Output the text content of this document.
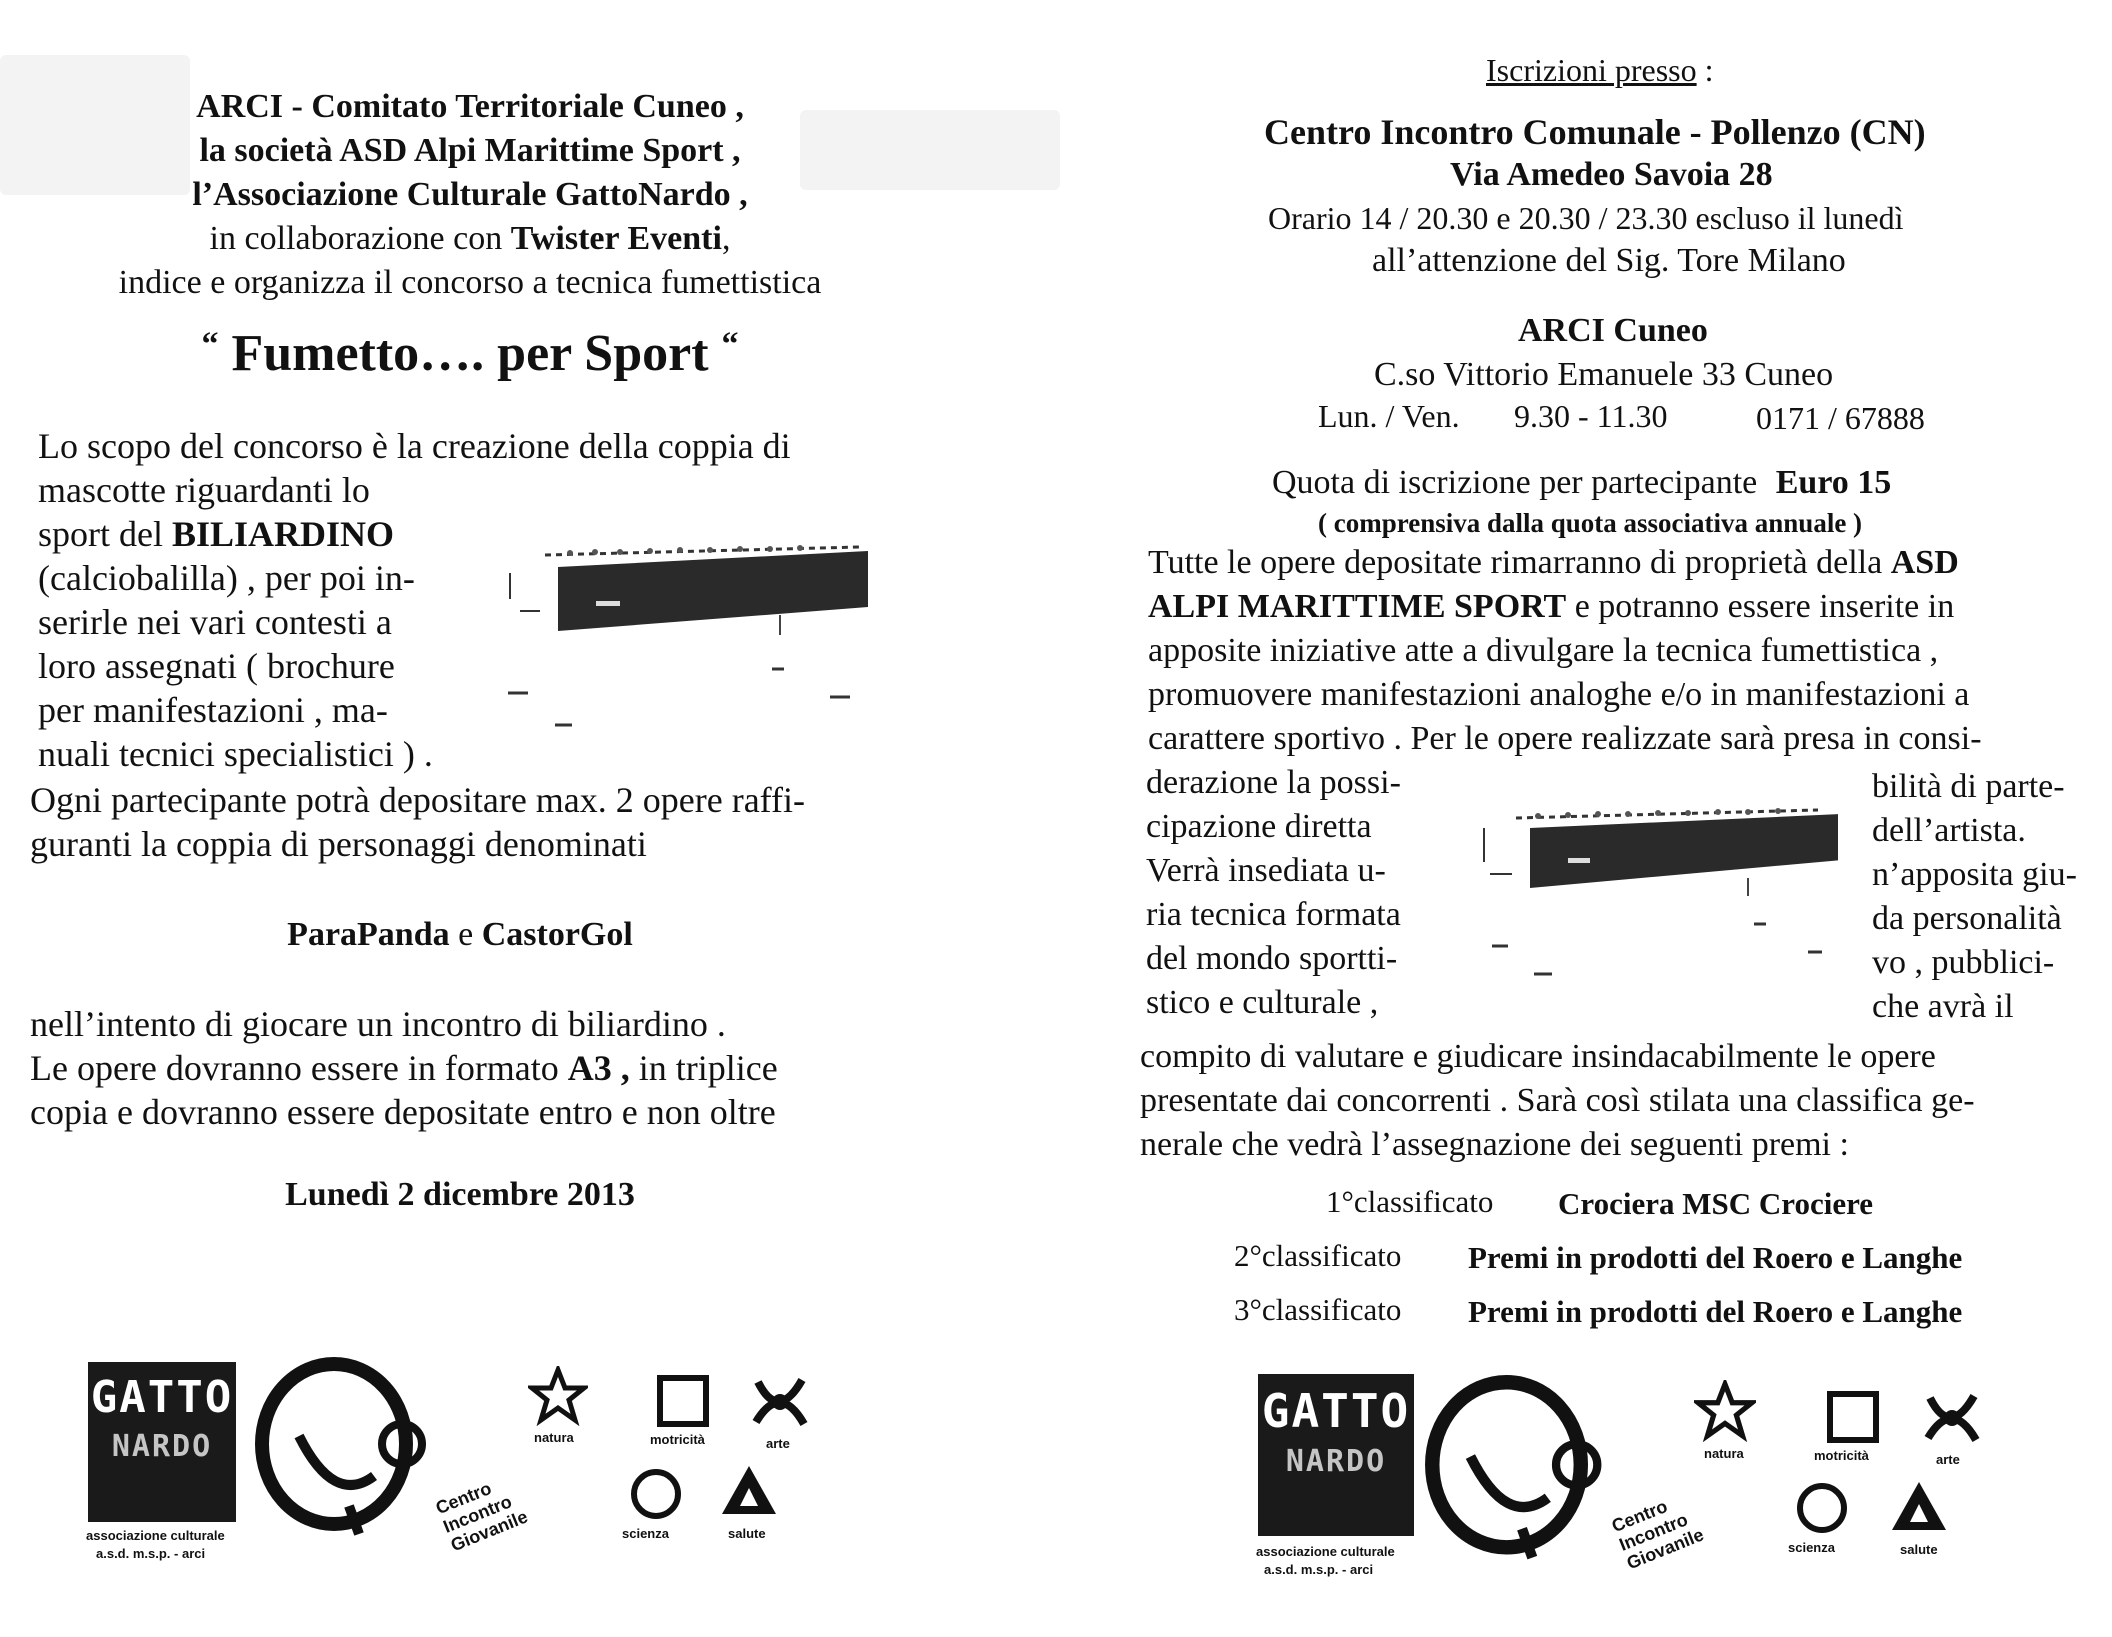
ARCI - Comitato Territoriale Cuneo ,
la società ASD Alpi Marittime Sport ,
l’Associazione Culturale GattoNardo ,
in collaborazione con Twister Eventi,
indice e organizza il concorso a tecnica fumettistica
“ Fumetto…. per Sport “
Lo scopo del concorso è la creazione della coppia di
mascotte riguardanti lo
sport del BILIARDINO
(calciobalilla) , per poi in-
serirle nei vari contesti a
loro assegnati ( brochure
per manifestazioni , ma-
nuali tecnici specialistici ) .
Ogni partecipante potrà depositare max. 2 opere raffi-
guranti la coppia di personaggi denominati
ParaPanda e CastorGol
nell’intento di giocare un incontro di biliardino .
Le opere dovranno essere in formato A3 , in triplice
copia e dovranno essere depositate entro e non oltre
Lunedì 2 dicembre 2013
GATTO
NARDO
associazione culturale
a.s.d. m.s.p. - arci
Centro Incontro Giovanile
natura	motricità	arte
scienza	salute
Iscrizioni presso :
Centro Incontro Comunale - Pollenzo (CN)
Via Amedeo Savoia 28
Orario 14 / 20.30 e 20.30 / 23.30 escluso il lunedì
all’attenzione del Sig. Tore Milano
ARCI Cuneo
C.so Vittorio Emanuele 33 Cuneo
Lun. / Ven. 9.30 - 11.30	0171 / 67888
Quota di iscrizione per partecipante Euro 15
( comprensiva dalla quota associativa annuale )
Tutte le opere depositate rimarranno di proprietà della ASD
ALPI MARITTIME SPORT e potranno essere inserite in
apposite iniziative atte a divulgare la tecnica fumettistica ,
promuovere manifestazioni analoghe e/o in manifestazioni a
carattere sportivo . Per le opere realizzate sarà presa in consi-
derazione la possi-
cipazione diretta
Verrà insediata u-
ria tecnica formata
del mondo sportti-
stico e culturale ,
bilità di parte-
dell’artista.
n’apposita giu-
da personalità
vo , pubblici-
che avrà il
compito di valutare e giudicare insindacabilmente le opere
presentate dai concorrenti . Sarà così stilata una classifica ge-
nerale che vedrà l’assegnazione dei seguenti premi :
1°classificato Crociera MSC Crociere
2°classificato Premi in prodotti del Roero e Langhe
3°classificato Premi in prodotti del Roero e Langhe
GATTO
NARDO
associazione culturale
a.s.d. m.s.p. - arci
Centro Incontro Giovanile
natura	motricità	arte
scienza	salute
